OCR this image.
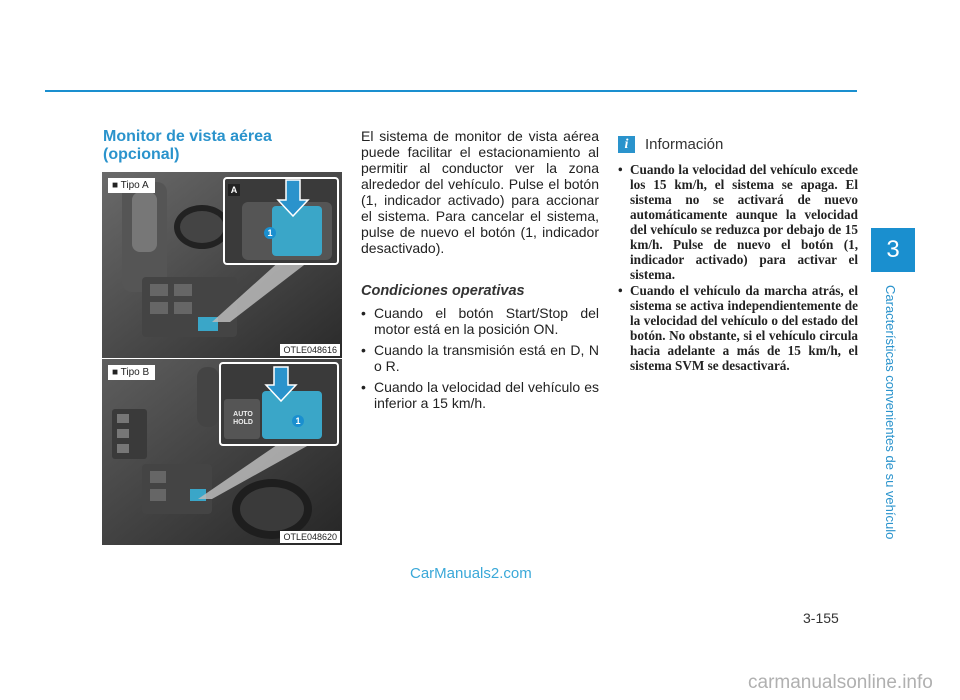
Monitor de vista aérea (opcional)
A
1
■ Tipo A
OTLE048616
AUTO HOLD	1
■ Tipo B
OTLE048620

El sistema de monitor de vista aérea puede facilitar el estacionamiento al permitir al conductor ver la zona alrededor del vehículo. Pulse el botón (1, indicador activado) para accionar el sistema. Para cancelar el sistema, pulse de nuevo el botón (1, indicador desactivado).

Condiciones operativas
• Cuando el botón Start/Stop del motor está en la posición ON.
• Cuando la transmisión está en D, N o R.
• Cuando la velocidad del vehículo es inferior a 15 km/h.
i	Información
• Cuando la velocidad del vehículo excede los 15 km/h, el sistema se apaga. El sistema no se activará de nuevo automáticamente aunque la velocidad del vehículo se reduzca por debajo de 15 km/h. Pulse de nuevo el botón (1, indicador activado) para activar el sistema.
• Cuando el vehículo da marcha atrás, el sistema se activa independientemente de la velocidad del vehículo o del estado del botón. No obstante, si el vehículo circula hacia adelante a más de 15 km/h, el sistema SVM se desactivará.
3
Características convenientes de su vehículo
3-155
CarManuals2.com
carmanualsonline.info
